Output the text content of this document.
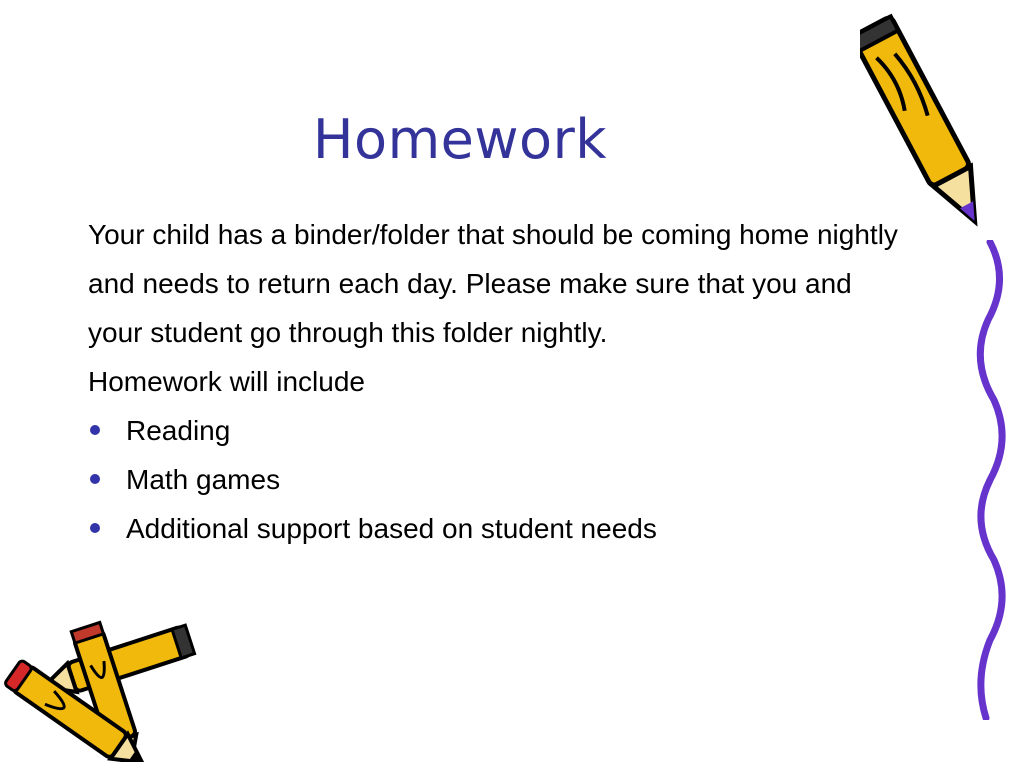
Homework

Your child has a binder/folder that should be coming home nightly and needs to return each day. Please make sure that you and your student go through this folder nightly.

Homework will include

Reading
Math games
Additional support based on student needs
